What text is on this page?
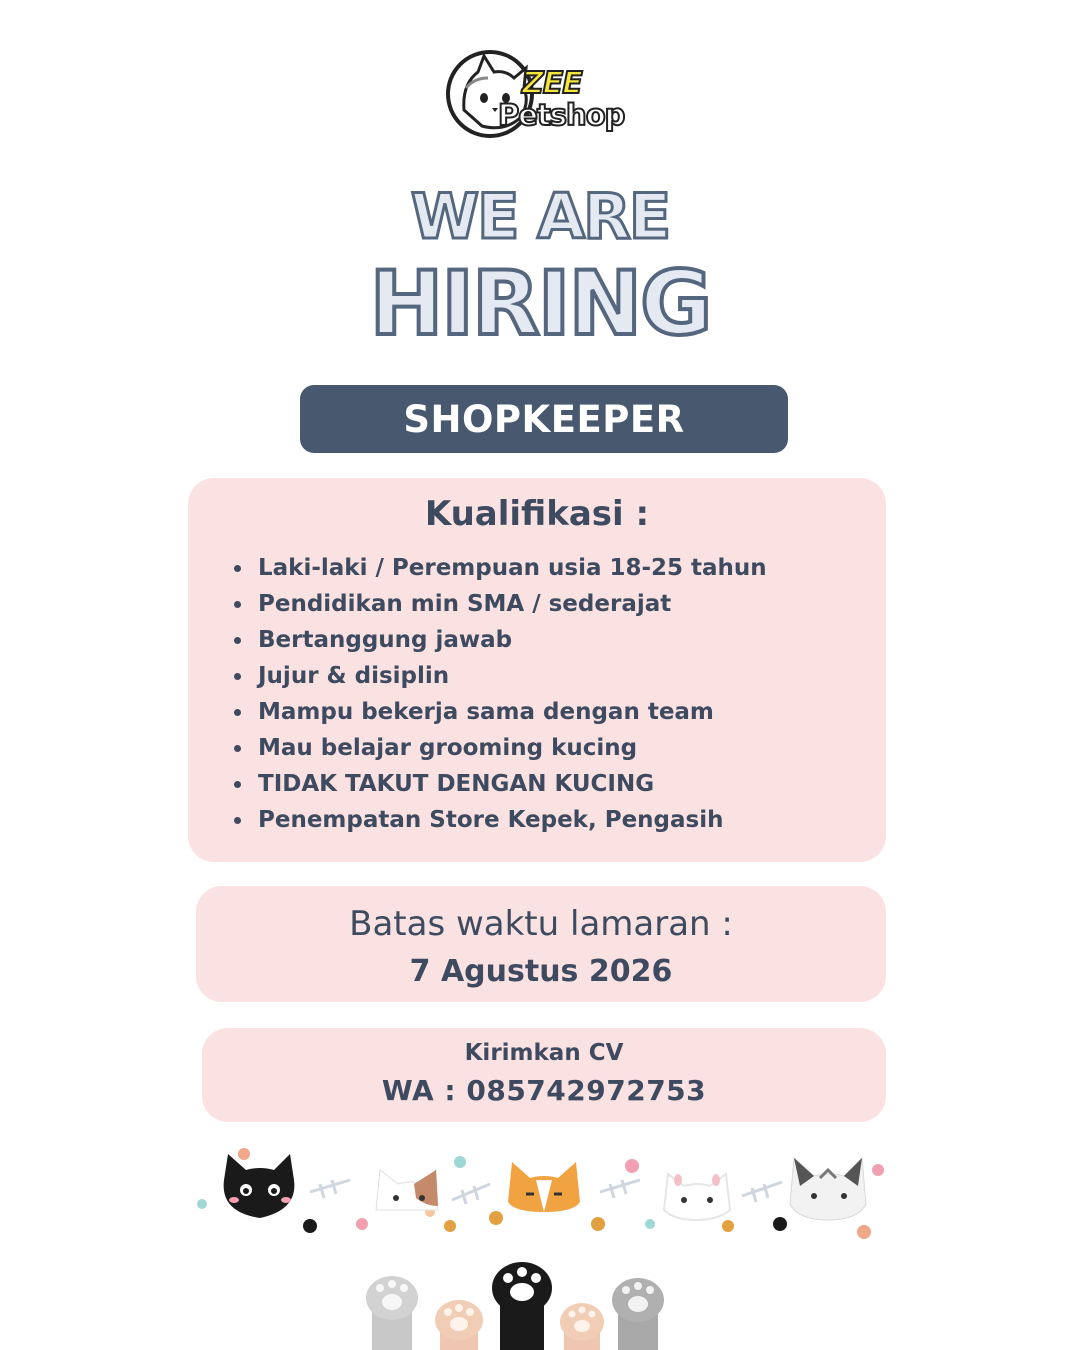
ZEE
Petshop
WE ARE
HIRING
SHOPKEEPER
Kualifikasi :
Laki-laki / Perempuan usia 18-25 tahun
Pendidikan min SMA / sederajat
Bertanggung jawab
Jujur & disiplin
Mampu bekerja sama dengan team
Mau belajar grooming kucing
TIDAK TAKUT DENGAN KUCING
Penempatan Store Kepek, Pengasih
Batas waktu lamaran :
7 Agustus 2026
Kirimkan CV
WA : 085742972753
